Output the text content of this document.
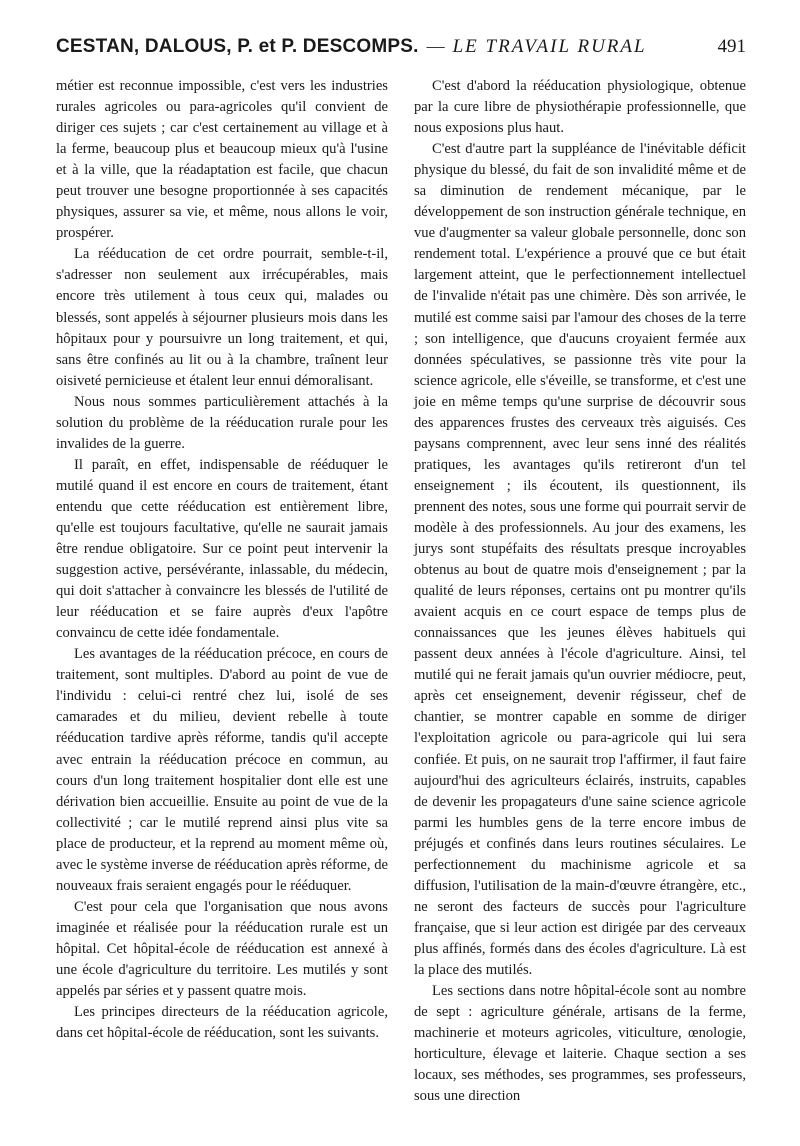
CESTAN, DALOUS, P. et P. DESCOMPS. — LE TRAVAIL RURAL	491

métier est reconnue impossible, c'est vers les industries rurales agricoles ou para-agricoles qu'il convient de diriger ces sujets ; car c'est certainement au village et à la ferme, beaucoup plus et beaucoup mieux qu'à l'usine et à la ville, que la réadaptation est facile, que chacun peut trouver une besogne proportionnée à ses capacités physiques, assurer sa vie, et même, nous allons le voir, prospérer.

La rééducation de cet ordre pourrait, semble-t-il, s'adresser non seulement aux irrécupérables, mais encore très utilement à tous ceux qui, malades ou blessés, sont appelés à séjourner plusieurs mois dans les hôpitaux pour y poursuivre un long traitement, et qui, sans être confinés au lit ou à la chambre, traînent leur oisiveté pernicieuse et étalent leur ennui démoralisant.

Nous nous sommes particulièrement attachés à la solution du problème de la rééducation rurale pour les invalides de la guerre.

Il paraît, en effet, indispensable de rééduquer le mutilé quand il est encore en cours de traitement, étant entendu que cette rééducation est entièrement libre, qu'elle est toujours facultative, qu'elle ne saurait jamais être rendue obligatoire. Sur ce point peut intervenir la suggestion active, persévérante, inlassable, du médecin, qui doit s'attacher à convaincre les blessés de l'utilité de leur rééducation et se faire auprès d'eux l'apôtre convaincu de cette idée fondamentale.

Les avantages de la rééducation précoce, en cours de traitement, sont multiples. D'abord au point de vue de l'individu : celui-ci rentré chez lui, isolé de ses camarades et du milieu, devient rebelle à toute rééducation tardive après réforme, tandis qu'il accepte avec entrain la rééducation précoce en commun, au cours d'un long traitement hospitalier dont elle est une dérivation bien accueillie. Ensuite au point de vue de la collectivité ; car le mutilé reprend ainsi plus vite sa place de producteur, et la reprend au moment même où, avec le système inverse de rééducation après réforme, de nouveaux frais seraient engagés pour le rééduquer.

C'est pour cela que l'organisation que nous avons imaginée et réalisée pour la rééducation rurale est un hôpital. Cet hôpital-école de rééducation est annexé à une école d'agriculture du territoire. Les mutilés y sont appelés par séries et y passent quatre mois.

Les principes directeurs de la rééducation agricole, dans cet hôpital-école de rééducation, sont les suivants.

C'est d'abord la rééducation physiologique, obtenue par la cure libre de physiothérapie professionnelle, que nous exposions plus haut.

C'est d'autre part la suppléance de l'inévitable déficit physique du blessé, du fait de son invalidité même et de sa diminution de rendement mécanique, par le développement de son instruction générale technique, en vue d'augmenter sa valeur globale personnelle, donc son rendement total. L'expérience a prouvé que ce but était largement atteint, que le perfectionnement intellectuel de l'invalide n'était pas une chimère. Dès son arrivée, le mutilé est comme saisi par l'amour des choses de la terre ; son intelligence, que d'aucuns croyaient fermée aux données spéculatives, se passionne très vite pour la science agricole, elle s'éveille, se transforme, et c'est une joie en même temps qu'une surprise de découvrir sous des apparences frustes des cerveaux très aiguisés. Ces paysans comprennent, avec leur sens inné des réalités pratiques, les avantages qu'ils retireront d'un tel enseignement ; ils écoutent, ils questionnent, ils prennent des notes, sous une forme qui pourrait servir de modèle à des professionnels. Au jour des examens, les jurys sont stupéfaits des résultats presque incroyables obtenus au bout de quatre mois d'enseignement ; par la qualité de leurs réponses, certains ont pu montrer qu'ils avaient acquis en ce court espace de temps plus de connaissances que les jeunes élèves habituels qui passent deux années à l'école d'agriculture. Ainsi, tel mutilé qui ne ferait jamais qu'un ouvrier médiocre, peut, après cet enseignement, devenir régisseur, chef de chantier, se montrer capable en somme de diriger l'exploitation agricole ou para-agricole qui lui sera confiée. Et puis, on ne saurait trop l'affirmer, il faut faire aujourd'hui des agriculteurs éclairés, instruits, capables de devenir les propagateurs d'une saine science agricole parmi les humbles gens de la terre encore imbus de préjugés et confinés dans leurs routines séculaires. Le perfectionnement du machinisme agricole et sa diffusion, l'utilisation de la main-d'œuvre étrangère, etc., ne seront des facteurs de succès pour l'agriculture française, que si leur action est dirigée par des cerveaux plus affinés, formés dans des écoles d'agriculture. Là est la place des mutilés.

Les sections dans notre hôpital-école sont au nombre de sept : agriculture générale, artisans de la ferme, machinerie et moteurs agricoles, viticulture, œnologie, horticulture, élevage et laiterie. Chaque section a ses locaux, ses méthodes, ses programmes, ses professeurs, sous une direction
